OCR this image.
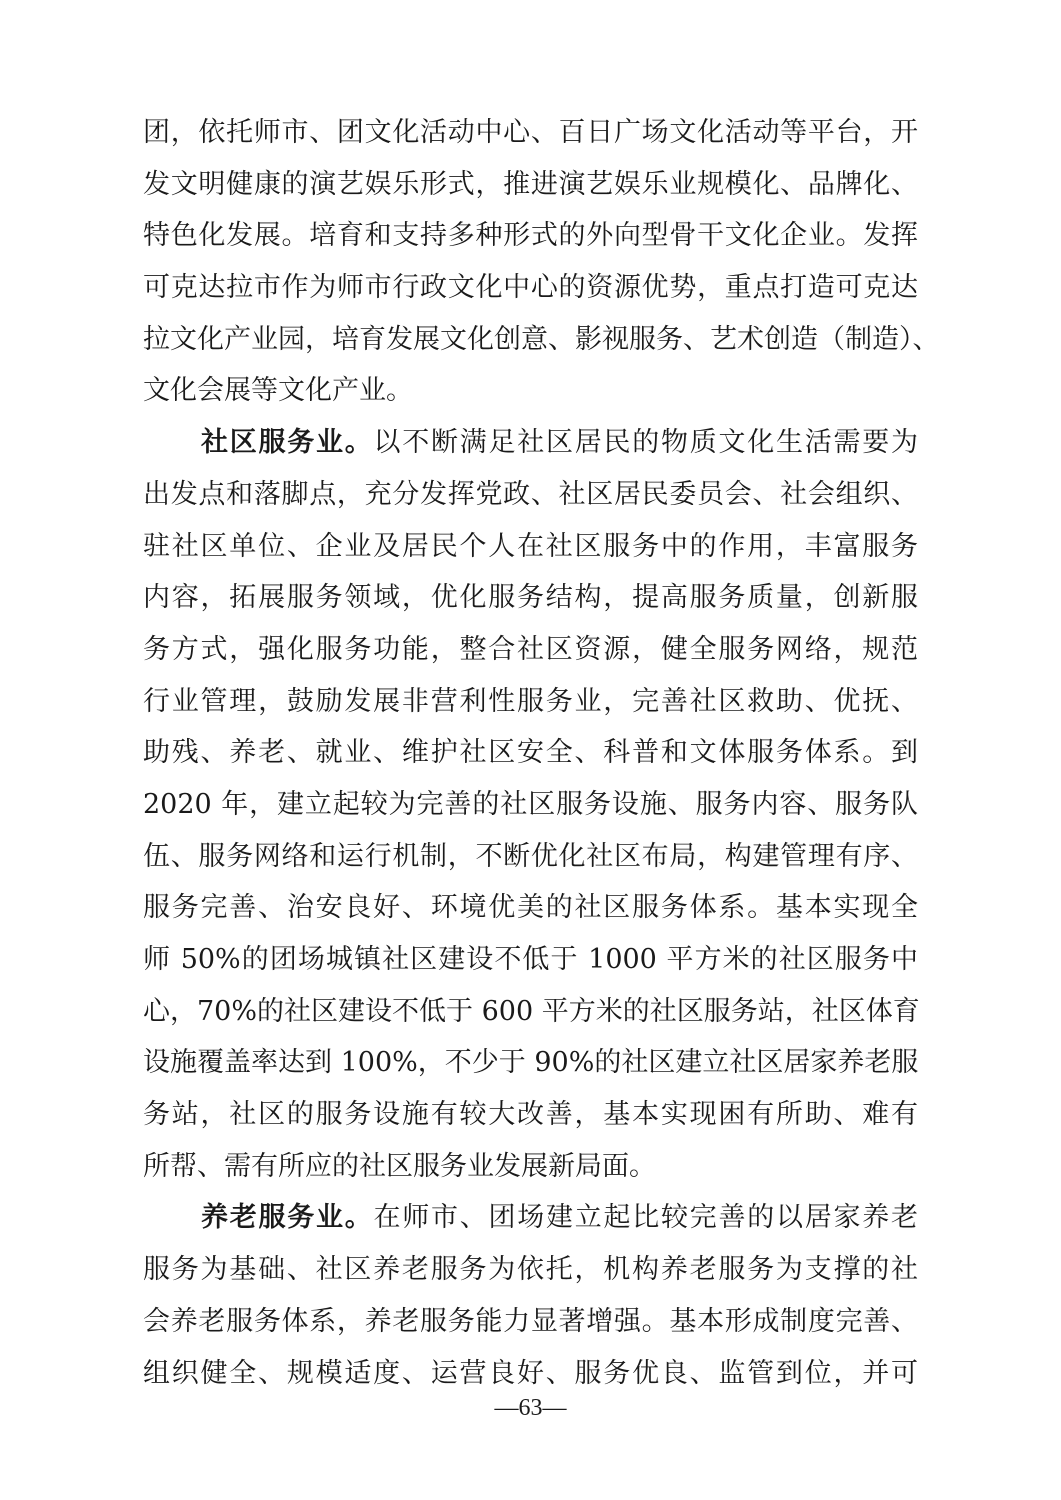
团，依托师市、团文化活动中心、百日广场文化活动等平台，开
发文明健康的演艺娱乐形式，推进演艺娱乐业规模化、品牌化、
特色化发展。培育和支持多种形式的外向型骨干文化企业。发挥
可克达拉市作为师市行政文化中心的资源优势，重点打造可克达
拉文化产业园，培育发展文化创意、影视服务、艺术创造（制造）、
文化会展等文化产业。
社区服务业。以不断满足社区居民的物质文化生活需要为
出发点和落脚点，充分发挥党政、社区居民委员会、社会组织、
驻社区单位、企业及居民个人在社区服务中的作用，丰富服务
内容，拓展服务领域，优化服务结构，提高服务质量，创新服
务方式，强化服务功能，整合社区资源，健全服务网络，规范
行业管理，鼓励发展非营利性服务业，完善社区救助、优抚、
助残、养老、就业、维护社区安全、科普和文体服务体系。到
2020 年，建立起较为完善的社区服务设施、服务内容、服务队
伍、服务网络和运行机制，不断优化社区布局，构建管理有序、
服务完善、治安良好、环境优美的社区服务体系。基本实现全
师 50%的团场城镇社区建设不低于 1000 平方米的社区服务中
心，70%的社区建设不低于 600 平方米的社区服务站，社区体育
设施覆盖率达到 100%，不少于 90%的社区建立社区居家养老服
务站，社区的服务设施有较大改善，基本实现困有所助、难有
所帮、需有所应的社区服务业发展新局面。
养老服务业。在师市、团场建立起比较完善的以居家养老
服务为基础、社区养老服务为依托，机构养老服务为支撑的社
会养老服务体系，养老服务能力显著增强。基本形成制度完善、
组织健全、规模适度、运营良好、服务优良、监管到位，并可
—63—
